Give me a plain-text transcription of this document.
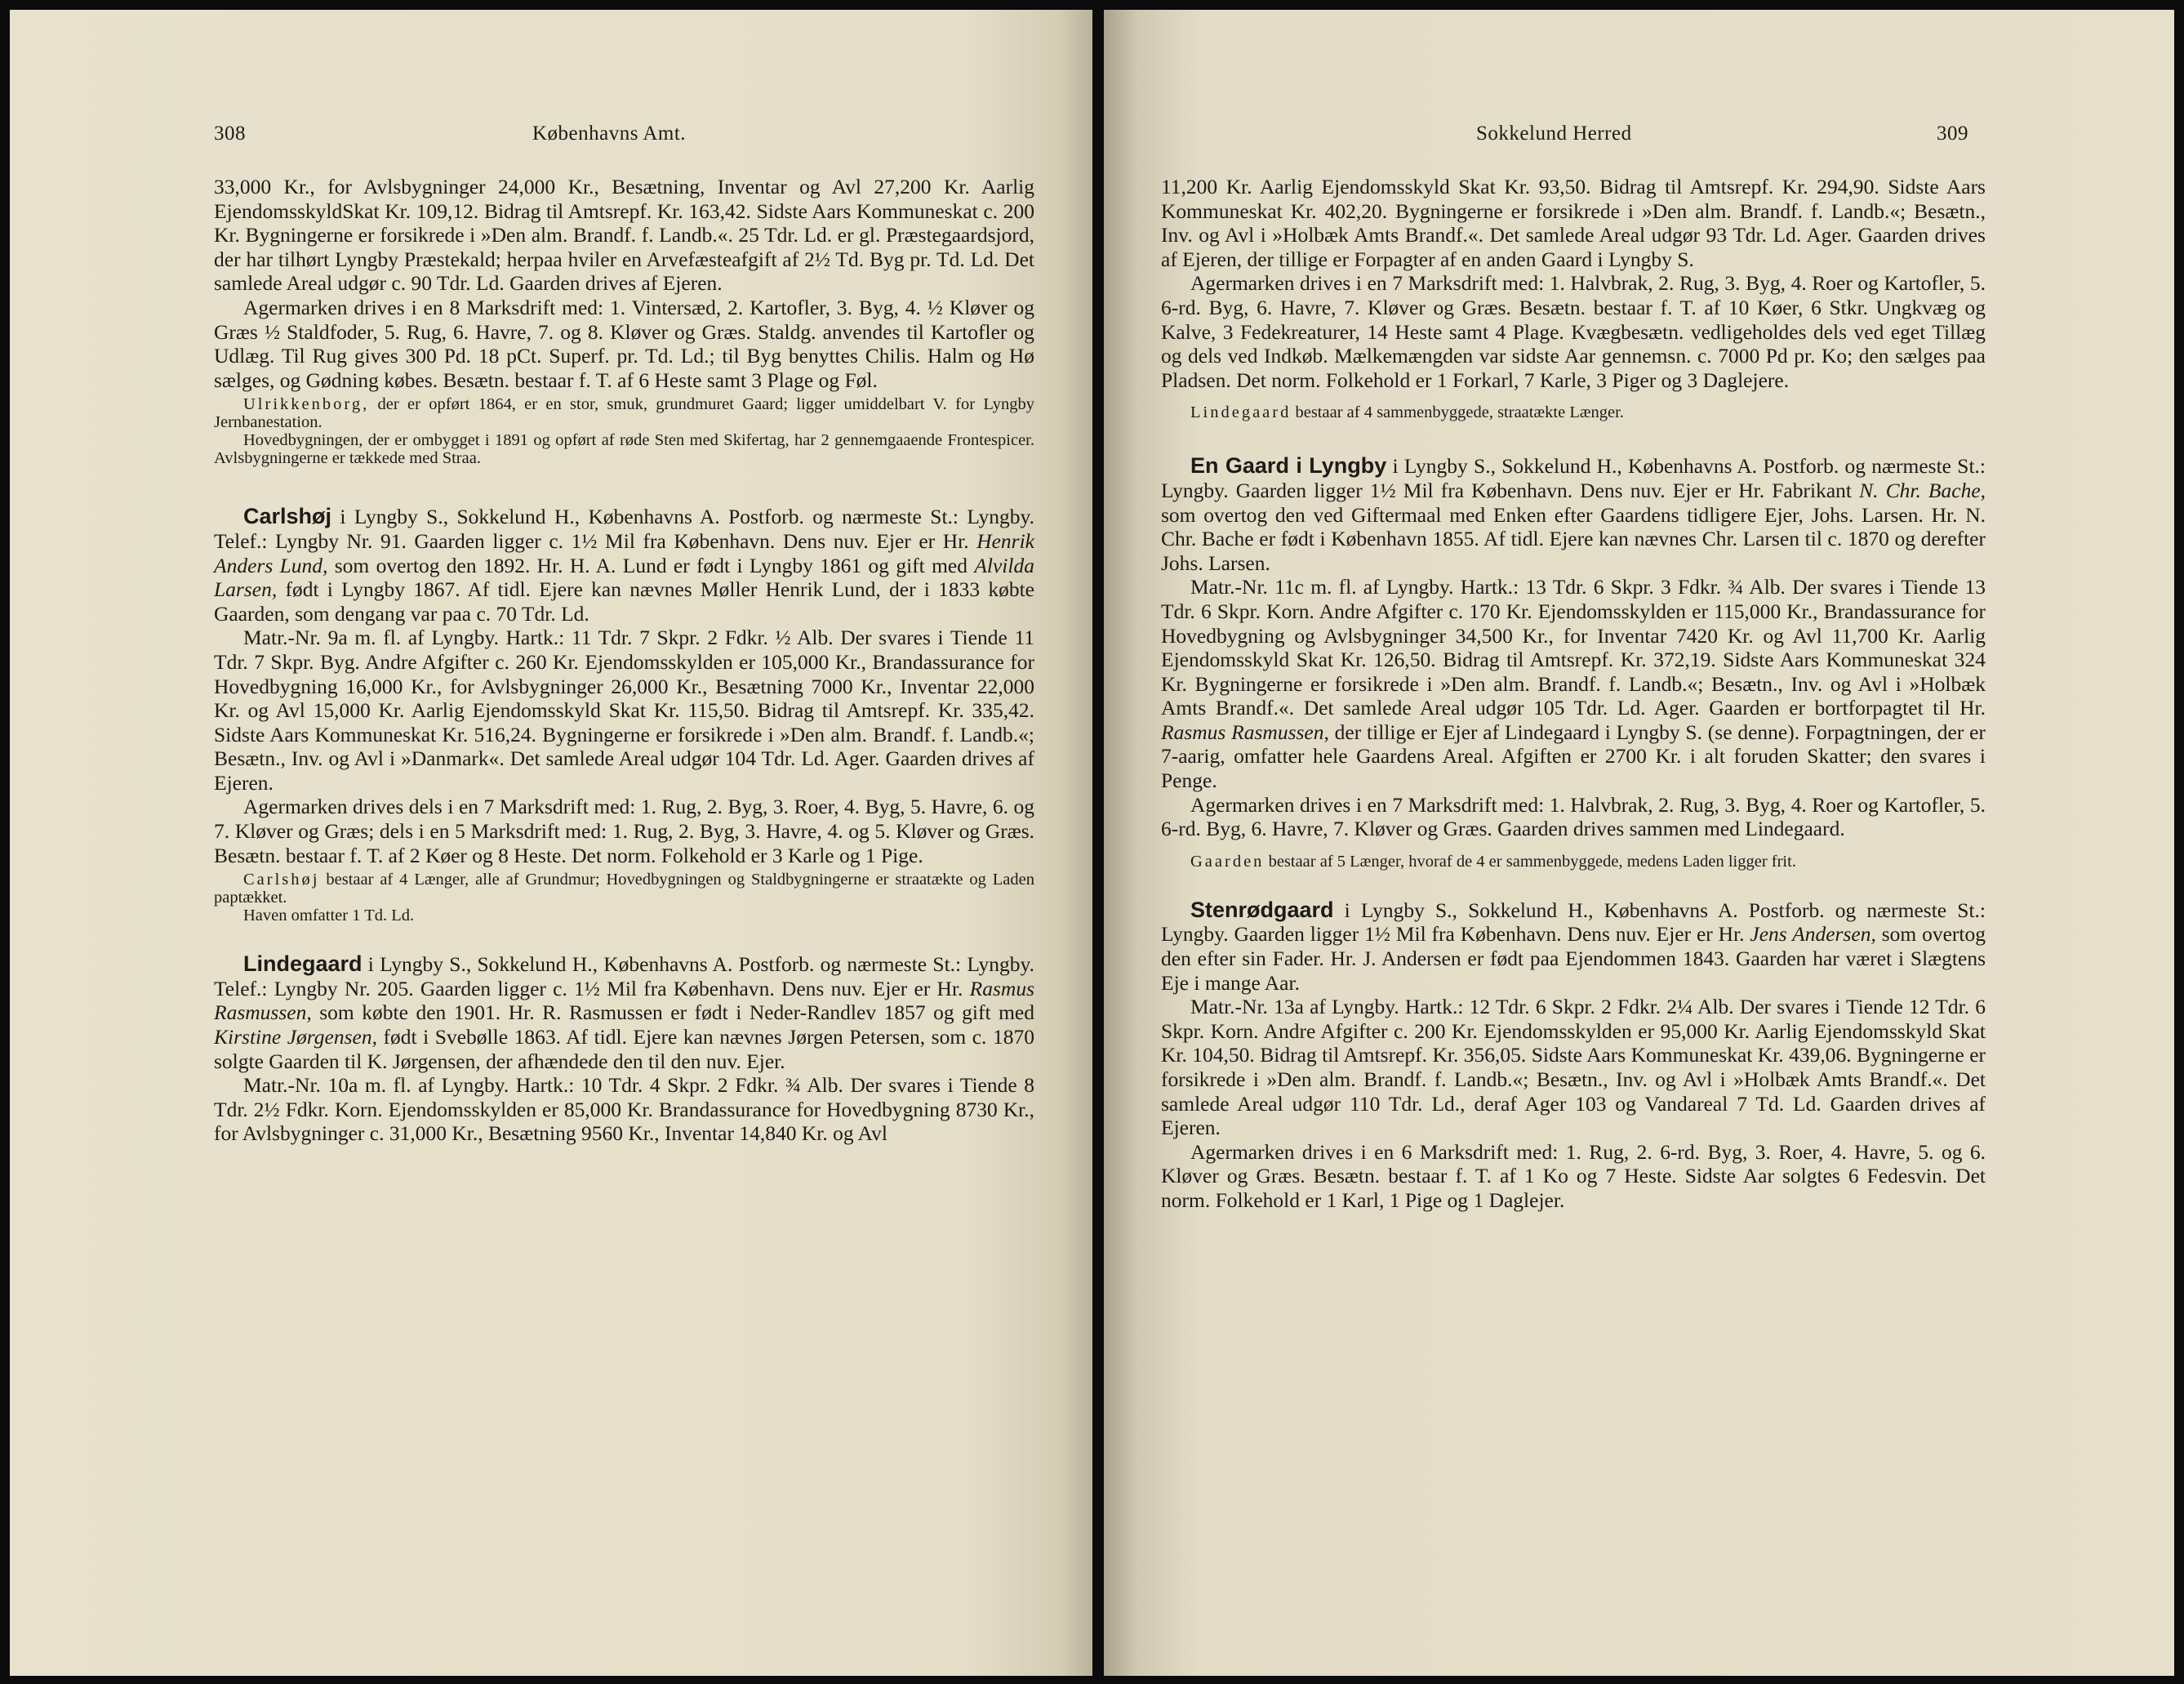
308	Københavns Amt.

33,000 Kr., for Avlsbygninger 24,000 Kr., Besætning, Inventar og Avl 27,200 Kr. Aarlig EjendomsskyldSkat Kr. 109,12. Bidrag til Amtsrepf. Kr. 163,42. Sidste Aars Kommuneskat c. 200 Kr. Bygningerne er forsikrede i »Den alm. Brandf. f. Landb.«. 25 Tdr. Ld. er gl. Præstegaardsjord, der har tilhørt Lyngby Præstekald; herpaa hviler en Arvefæsteafgift af 2½ Td. Byg pr. Td. Ld. Det samlede Areal udgør c. 90 Tdr. Ld. Gaarden drives af Ejeren.

Agermarken drives i en 8 Marksdrift med: 1. Vintersæd, 2. Kartofler, 3. Byg, 4. ½ Kløver og Græs ½ Staldfoder, 5. Rug, 6. Havre, 7. og 8. Kløver og Græs. Staldg. anvendes til Kartofler og Udlæg. Til Rug gives 300 Pd. 18 pCt. Superf. pr. Td. Ld.; til Byg benyttes Chilis. Halm og Hø sælges, og Gødning købes. Besætn. bestaar f. T. af 6 Heste samt 3 Plage og Føl.

Ulrikkenborg, der er opført 1864, er en stor, smuk, grundmuret Gaard; ligger umiddelbart V. for Lyngby Jernbanestation.

Hovedbygningen, der er ombygget i 1891 og opført af røde Sten med Skifertag, har 2 gennemgaaende Frontespicer. Avlsbygningerne er tækkede med Straa.

Carlshøj i Lyngby S., Sokkelund H., Københavns A. Postforb. og nærmeste St.: Lyngby. Telef.: Lyngby Nr. 91. Gaarden ligger c. 1½ Mil fra København. Dens nuv. Ejer er Hr. Henrik Anders Lund, som overtog den 1892. Hr. H. A. Lund er født i Lyngby 1861 og gift med Alvilda Larsen, født i Lyngby 1867. Af tidl. Ejere kan nævnes Møller Henrik Lund, der i 1833 købte Gaarden, som dengang var paa c. 70 Tdr. Ld.

Matr.-Nr. 9a m. fl. af Lyngby. Hartk.: 11 Tdr. 7 Skpr. 2 Fdkr. ½ Alb. Der svares i Tiende 11 Tdr. 7 Skpr. Byg. Andre Afgifter c. 260 Kr. Ejendomsskylden er 105,000 Kr., Brandassurance for Hovedbygning 16,000 Kr., for Avlsbygninger 26,000 Kr., Besætning 7000 Kr., Inventar 22,000 Kr. og Avl 15,000 Kr. Aarlig Ejendomsskyld Skat Kr. 115,50. Bidrag til Amtsrepf. Kr. 335,42. Sidste Aars Kommuneskat Kr. 516,24. Bygningerne er forsikrede i »Den alm. Brandf. f. Landb.«; Besætn., Inv. og Avl i »Danmark«. Det samlede Areal udgør 104 Tdr. Ld. Ager. Gaarden drives af Ejeren.

Agermarken drives dels i en 7 Marksdrift med: 1. Rug, 2. Byg, 3. Roer, 4. Byg, 5. Havre, 6. og 7. Kløver og Græs; dels i en 5 Marksdrift med: 1. Rug, 2. Byg, 3. Havre, 4. og 5. Kløver og Græs. Besætn. bestaar f. T. af 2 Køer og 8 Heste. Det norm. Folkehold er 3 Karle og 1 Pige.

Carlshøj bestaar af 4 Længer, alle af Grundmur; Hovedbygningen og Staldbygningerne er straatækte og Laden paptækket.

Haven omfatter 1 Td. Ld.

Lindegaard i Lyngby S., Sokkelund H., Københavns A. Postforb. og nærmeste St.: Lyngby. Telef.: Lyngby Nr. 205. Gaarden ligger c. 1½ Mil fra København. Dens nuv. Ejer er Hr. Rasmus Rasmussen, som købte den 1901. Hr. R. Rasmussen er født i Neder-Randlev 1857 og gift med Kirstine Jørgensen, født i Svebølle 1863. Af tidl. Ejere kan nævnes Jørgen Petersen, som c. 1870 solgte Gaarden til K. Jørgensen, der afhændede den til den nuv. Ejer.

Matr.-Nr. 10a m. fl. af Lyngby. Hartk.: 10 Tdr. 4 Skpr. 2 Fdkr. ¾ Alb. Der svares i Tiende 8 Tdr. 2½ Fdkr. Korn. Ejendomsskylden er 85,000 Kr. Brandassurance for Hovedbygning 8730 Kr., for Avlsbygninger c. 31,000 Kr., Besætning 9560 Kr., Inventar 14,840 Kr. og Avl

Sokkelund Herred	309

11,200 Kr. Aarlig Ejendomsskyld Skat Kr. 93,50. Bidrag til Amtsrepf. Kr. 294,90. Sidste Aars Kommuneskat Kr. 402,20. Bygningerne er forsikrede i »Den alm. Brandf. f. Landb.«; Besætn., Inv. og Avl i »Holbæk Amts Brandf.«. Det samlede Areal udgør 93 Tdr. Ld. Ager. Gaarden drives af Ejeren, der tillige er Forpagter af en anden Gaard i Lyngby S.

Agermarken drives i en 7 Marksdrift med: 1. Halvbrak, 2. Rug, 3. Byg, 4. Roer og Kartofler, 5. 6-rd. Byg, 6. Havre, 7. Kløver og Græs. Besætn. bestaar f. T. af 10 Køer, 6 Stkr. Ungkvæg og Kalve, 3 Fedekreaturer, 14 Heste samt 4 Plage. Kvægbesætn. vedligeholdes dels ved eget Tillæg og dels ved Indkøb. Mælkemængden var sidste Aar gennemsn. c. 7000 Pd pr. Ko; den sælges paa Pladsen. Det norm. Folkehold er 1 Forkarl, 7 Karle, 3 Piger og 3 Daglejere.

Lindegaard bestaar af 4 sammenbyggede, straatækte Længer.

En Gaard i Lyngby i Lyngby S., Sokkelund H., Københavns A. Postforb. og nærmeste St.: Lyngby. Gaarden ligger 1½ Mil fra København. Dens nuv. Ejer er Hr. Fabrikant N. Chr. Bache, som overtog den ved Giftermaal med Enken efter Gaardens tidligere Ejer, Johs. Larsen. Hr. N. Chr. Bache er født i København 1855. Af tidl. Ejere kan nævnes Chr. Larsen til c. 1870 og derefter Johs. Larsen.

Matr.-Nr. 11c m. fl. af Lyngby. Hartk.: 13 Tdr. 6 Skpr. 3 Fdkr. ¾ Alb. Der svares i Tiende 13 Tdr. 6 Skpr. Korn. Andre Afgifter c. 170 Kr. Ejendomsskylden er 115,000 Kr., Brandassurance for Hovedbygning og Avlsbygninger 34,500 Kr., for Inventar 7420 Kr. og Avl 11,700 Kr. Aarlig Ejendomsskyld Skat Kr. 126,50. Bidrag til Amtsrepf. Kr. 372,19. Sidste Aars Kommuneskat 324 Kr. Bygningerne er forsikrede i »Den alm. Brandf. f. Landb.«; Besætn., Inv. og Avl i »Holbæk Amts Brandf.«. Det samlede Areal udgør 105 Tdr. Ld. Ager. Gaarden er bortforpagtet til Hr. Rasmus Rasmussen, der tillige er Ejer af Lindegaard i Lyngby S. (se denne). Forpagtningen, der er 7-aarig, omfatter hele Gaardens Areal. Afgiften er 2700 Kr. i alt foruden Skatter; den svares i Penge.

Agermarken drives i en 7 Marksdrift med: 1. Halvbrak, 2. Rug, 3. Byg, 4. Roer og Kartofler, 5. 6-rd. Byg, 6. Havre, 7. Kløver og Græs. Gaarden drives sammen med Lindegaard.

Gaarden bestaar af 5 Længer, hvoraf de 4 er sammenbyggede, medens Laden ligger frit.

Stenrødgaard i Lyngby S., Sokkelund H., Københavns A. Postforb. og nærmeste St.: Lyngby. Gaarden ligger 1½ Mil fra København. Dens nuv. Ejer er Hr. Jens Andersen, som overtog den efter sin Fader. Hr. J. Andersen er født paa Ejendommen 1843. Gaarden har været i Slægtens Eje i mange Aar.

Matr.-Nr. 13a af Lyngby. Hartk.: 12 Tdr. 6 Skpr. 2 Fdkr. 2¼ Alb. Der svares i Tiende 12 Tdr. 6 Skpr. Korn. Andre Afgifter c. 200 Kr. Ejendomsskylden er 95,000 Kr. Aarlig Ejendomsskyld Skat Kr. 104,50. Bidrag til Amtsrepf. Kr. 356,05. Sidste Aars Kommuneskat Kr. 439,06. Bygningerne er forsikrede i »Den alm. Brandf. f. Landb.«; Besætn., Inv. og Avl i »Holbæk Amts Brandf.«. Det samlede Areal udgør 110 Tdr. Ld., deraf Ager 103 og Vandareal 7 Td. Ld. Gaarden drives af Ejeren.

Agermarken drives i en 6 Marksdrift med: 1. Rug, 2. 6-rd. Byg, 3. Roer, 4. Havre, 5. og 6. Kløver og Græs. Besætn. bestaar f. T. af 1 Ko og 7 Heste. Sidste Aar solgtes 6 Fedesvin. Det norm. Folkehold er 1 Karl, 1 Pige og 1 Daglejer.
